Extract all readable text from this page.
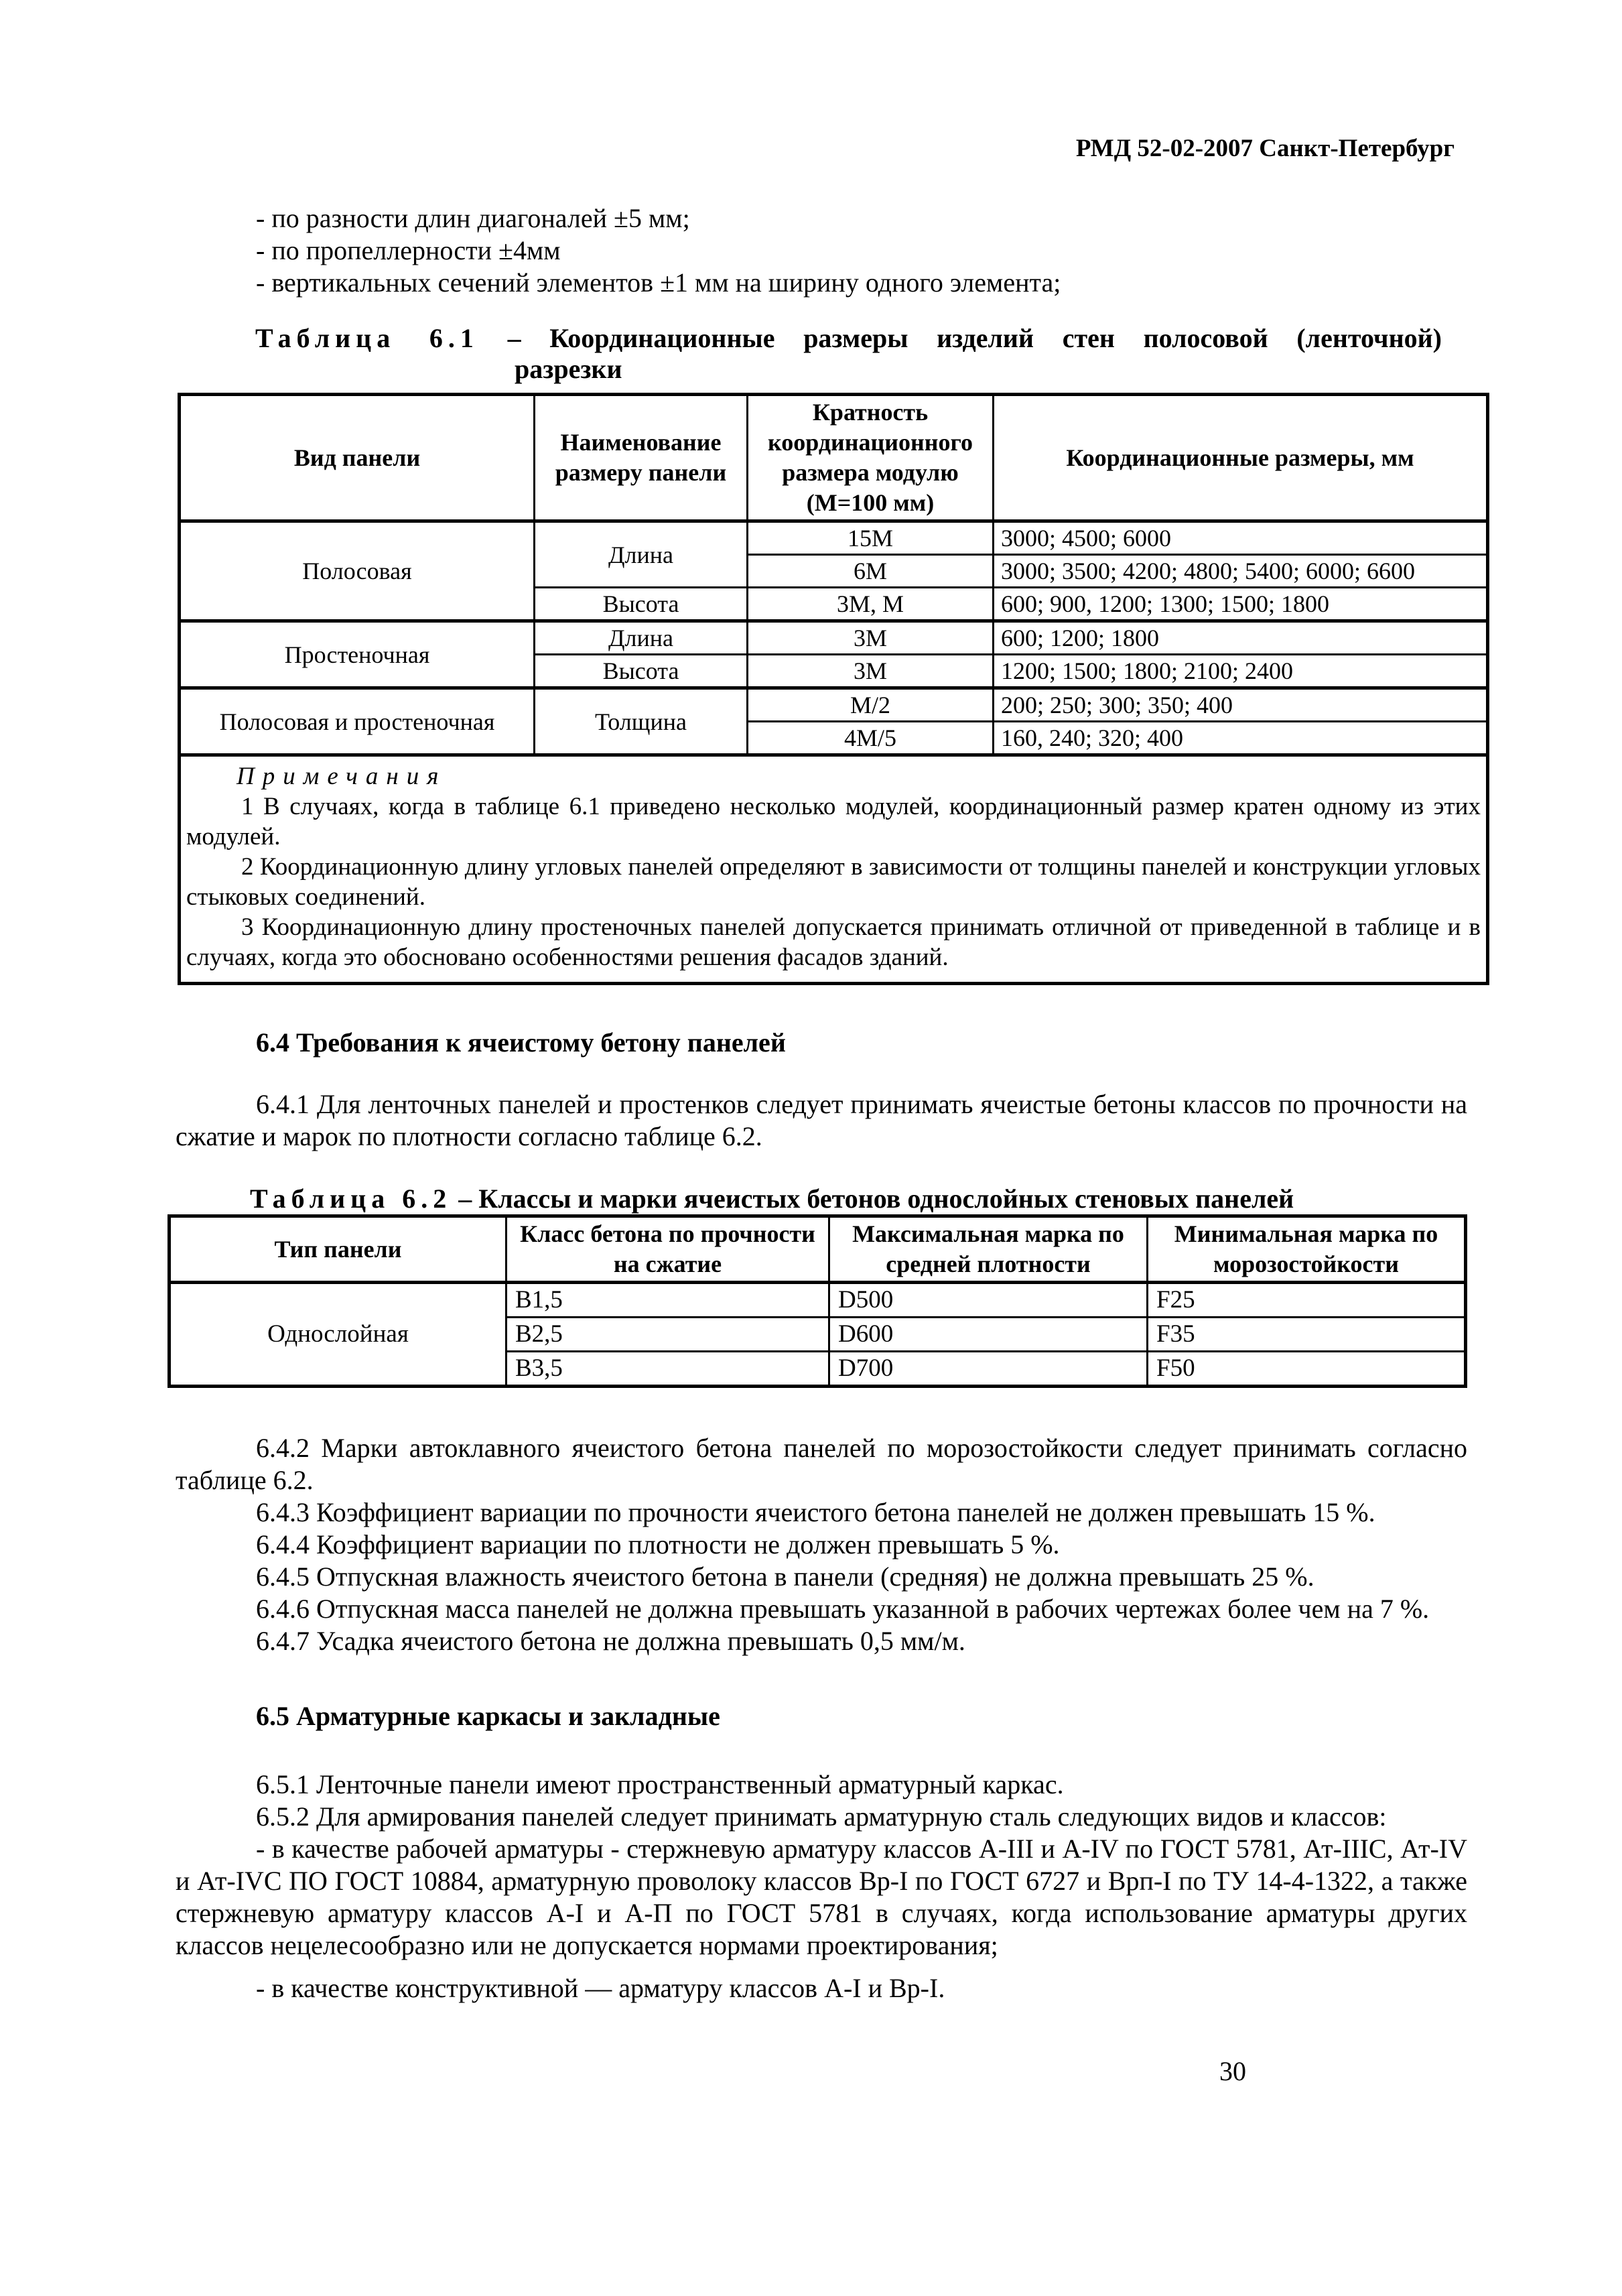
РМД 52-02-2007 Санкт-Петербург
- по разности длин диагоналей ±5 мм;
- по пропеллерности ±4мм
- вертикальных сечений элементов ±1 мм на ширину одного элемента;
Таблица 6.1 – Координационные размеры изделий стен полосовой (ленточной)
разрезки
Вид панели	Наименование размеру панели	Кратность координационного размера модулю (М=100 мм)	Координационные размеры, мм
Полосовая	Длина	15М	3000; 4500; 6000
		6М	3000; 3500; 4200; 4800; 5400; 6000; 6600
	Высота	3М, М	600; 900, 1200; 1300; 1500; 1800
Простеночная	Длина	3М	600; 1200; 1800
	Высота	3М	1200; 1500; 1800; 2100; 2400
Полосовая и простеночная	Толщина	М/2	200; 250; 300; 350; 400
		4М/5	160, 240; 320; 400
Примечания
1 В случаях, когда в таблице 6.1 приведено несколько модулей, координационный размер кратен одному из этих модулей.
2 Координационную длину угловых панелей определяют в зависимости от толщины панелей и конструкции угловых стыковых соединений.
3 Координационную длину простеночных панелей допускается принимать отличной от приведенной в таблице и в случаях, когда это обосновано особенностями решения фасадов зданий.
6.4 Требования к ячеистому бетону панелей

6.4.1 Для ленточных панелей и простенков следует принимать ячеистые бетоны классов по прочности на сжатие и марок по плотности согласно таблице 6.2.

Таблица 6.2 – Классы и марки ячеистых бетонов однослойных стеновых панелей
Тип панели	Класс бетона по прочности на сжатие	Максимальная марка по средней плотности	Минимальная марка по морозостойкости
Однослойная	В1,5	D500	F25
	В2,5	D600	F35
	В3,5	D700	F50

6.4.2 Марки автоклавного ячеистого бетона панелей по морозостойкости следует принимать согласно таблице 6.2.

6.4.3 Коэффициент вариации по прочности ячеистого бетона панелей не должен превышать 15 %.

6.4.4 Коэффициент вариации по плотности не должен превышать 5 %.

6.4.5 Отпускная влажность ячеистого бетона в панели (средняя) не должна превышать 25 %.

6.4.6 Отпускная масса панелей не должна превышать указанной в рабочих чертежах более чем на 7 %.

6.4.7 Усадка ячеистого бетона не должна превышать 0,5 мм/м.

6.5 Арматурные каркасы и закладные

6.5.1 Ленточные панели имеют пространственный арматурный каркас.

6.5.2 Для армирования панелей следует принимать арматурную сталь следующих видов и классов:

- в качестве рабочей арматуры - стержневую арматуру классов А-III и А-IV по ГОСТ 5781, Ат-IIIС, Ат-IV и Ат-IVC ПО ГОСТ 10884, арматурную проволоку классов Вр-I по ГОСТ 6727 и Врп-I по ТУ 14-4-1322, а также стержневую арматуру классов А-I и А-П по ГОСТ 5781 в случаях, когда использование арматуры других классов нецелесообразно или не допускается нормами проектирования;

- в качестве конструктивной — арматуру классов А-I и Вр-I.

30
